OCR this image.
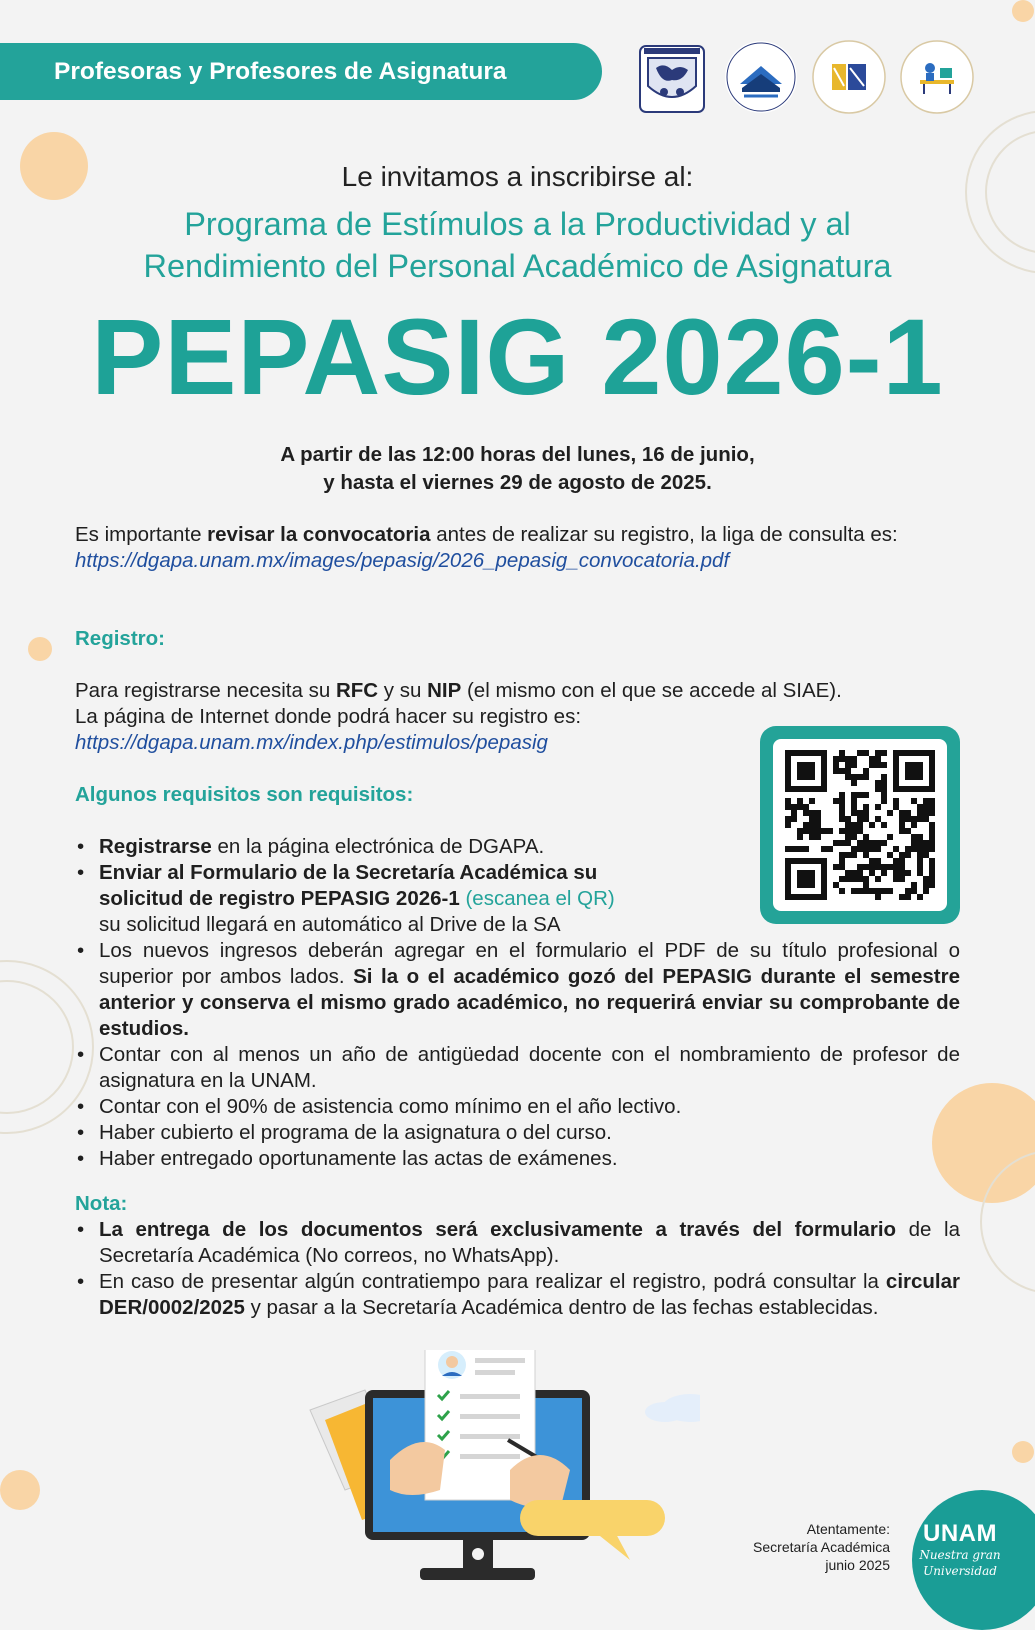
Profesoras y Profesores de Asignatura
Le invitamos a inscribirse al:
Programa de Estímulos a la Productividad y al
Rendimiento del Personal Académico de Asignatura
PEPASIG 2026-1
A partir de las 12:00 horas del lunes, 16 de junio,
y hasta el viernes 29 de agosto de 2025.
Es importante revisar la convocatoria antes de realizar su registro, la liga de consulta es:
https://dgapa.unam.mx/images/pepasig/2026_pepasig_convocatoria.pdf
Registro:
Para registrarse necesita su RFC y su NIP (el mismo con el que se accede al SIAE).
La página de Internet donde podrá hacer su registro es:
https://dgapa.unam.mx/index.php/estimulos/pepasig
Algunos requisitos son requisitos:
• Registrarse en la página electrónica de DGAPA.
• Enviar al Formulario de la Secretaría Académica su solicitud de registro PEPASIG 2026-1 (escanea el QR)
su solicitud llegará en automático al Drive de la SA
• Los nuevos ingresos deberán agregar en el formulario el PDF de su título profesional o superior por ambos lados. Si la o el académico gozó del PEPASIG durante el semestre anterior y conserva el mismo grado académico, no requerirá enviar su comprobante de estudios.
• Contar con al menos un año de antigüedad docente con el nombramiento de profesor de asignatura en la UNAM.
• Contar con el 90% de asistencia como mínimo en el año lectivo.
• Haber cubierto el programa de la asignatura o del curso.
• Haber entregado oportunamente las actas de exámenes.
Nota:
• La entrega de los documentos será exclusivamente a través del formulario de la Secretaría Académica (No correos, no WhatsApp).
• En caso de presentar algún contratiempo para realizar el registro, podrá consultar la circular DER/0002/2025 y pasar a la Secretaría Académica dentro de las fechas establecidas.
Atentamente:
Secretaría Académica
junio 2025
UNAM
Nuestra gran
Universidad
